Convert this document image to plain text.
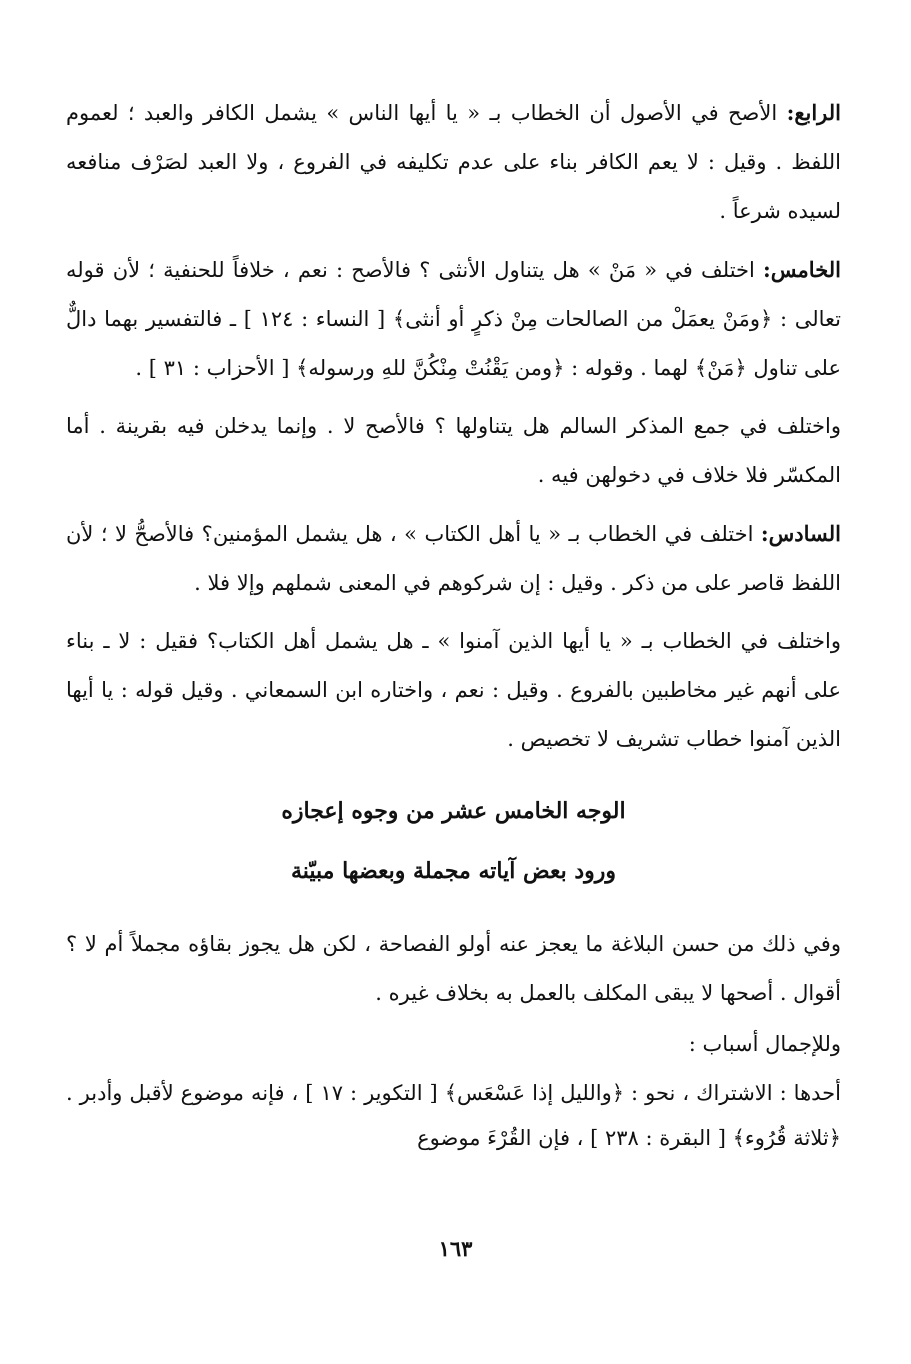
الرابع: الأصح في الأصول أن الخطاب بـ « يا أيها الناس » يشمل الكافر والعبد ؛ لعموم اللفظ . وقيل : لا يعم الكافر بناء على عدم تكليفه في الفروع ، ولا العبد لصَرْف منافعه لسيده شرعاً .

الخامس: اختلف في « مَنْ » هل يتناول الأنثى ؟ فالأصح : نعم ، خلافاً للحنفية ؛ لأن قوله تعالى : ﴿ومَنْ يعمَلْ من الصالحات مِنْ ذكرٍ أو أنثى﴾ [ النساء : ١٢٤ ] ـ فالتفسير بهما دالٌّ على تناول ﴿مَنْ﴾ لهما . وقوله : ﴿ومن يَقْنُتْ مِنْكُنَّ للهِ ورسوله﴾ [ الأحزاب : ٣١ ] .

واختلف في جمع المذكر السالم هل يتناولها ؟ فالأصح لا . وإنما يدخلن فيه بقرينة . أما المكسّر فلا خلاف في دخولهن فيه .

السادس: اختلف في الخطاب بـ « يا أهل الكتاب » ، هل يشمل المؤمنين؟ فالأصحُّ لا ؛ لأن اللفظ قاصر على من ذكر . وقيل : إن شركوهم في المعنى شملهم وإلا فلا .

واختلف في الخطاب بـ « يا أيها الذين آمنوا » ـ هل يشمل أهل الكتاب؟ فقيل : لا ـ بناء على أنهم غير مخاطبين بالفروع . وقيل : نعم ، واختاره ابن السمعاني . وقيل قوله : يا أيها الذين آمنوا خطاب تشريف لا تخصيص .

الوجه الخامس عشر من وجوه إعجازه
ورود بعض آياته مجملة وبعضها مبيّنة

وفي ذلك من حسن البلاغة ما يعجز عنه أولو الفصاحة ، لكن هل يجوز بقاؤه مجملاً أم لا ؟ أقوال . أصحها لا يبقى المكلف بالعمل به بخلاف غيره .

وللإجمال أسباب :

أحدها : الاشتراك ، نحو : ﴿والليل إذا عَسْعَس﴾ [ التكوير : ١٧ ] ، فإنه موضوع لأقبل وأدبر . ﴿ثلاثة قُرُوء﴾ [ البقرة : ٢٣٨ ] ، فإن القُرْءَ موضوع

١٦٣
